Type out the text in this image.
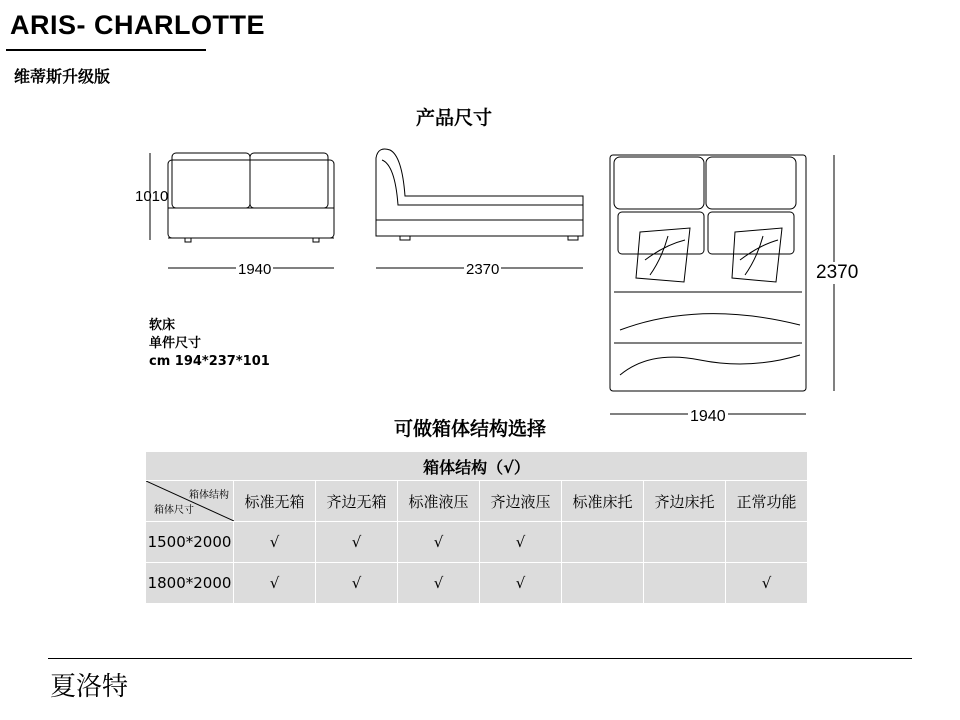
ARIS- CHARLOTTE
维蒂斯升级版
产品尺寸
1010
1940	2370	2370
1940
软床
单件尺寸
cm 194*237*101
可做箱体结构选择
箱体结构（√）							

箱体结构
箱体尺寸	标准无箱	齐边无箱	标准液压	齐边液压	标准床托	齐边床托	正常功能
1500*2000	√	√	√	√			
1800*2000	√	√	√	√			√
夏洛特
